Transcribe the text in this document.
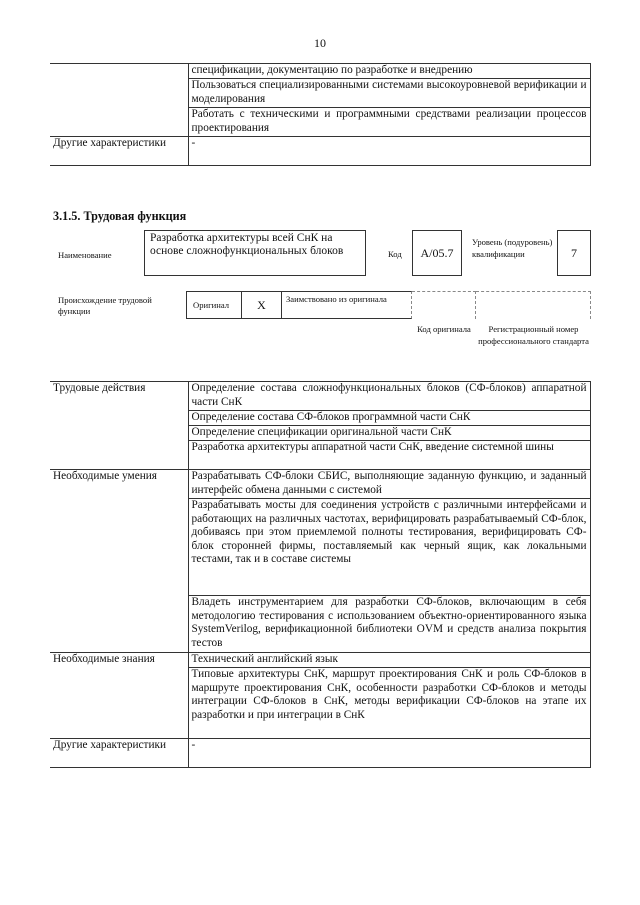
10
	спецификации, документацию по разработке и внедрению
	Пользоваться специализированными системами высокоуровневой верификации и моделирования
	Работать с техническими и программными средствами реализации процессов проектирования
Другие характеристики	-
3.1.5. Трудовая функция
Наименование
Разработка архитектуры всей СнК на основе сложнофункциональных блоков	Код	A/05.7
Уровень (подуровень) квалификации	7
Происхождение трудовой функции
Оригинал	X	Заимствовано из оригинала
Код оригинала	Регистрационный номер профессионального стандарта
Трудовые действия	Определение состава сложнофункциональных блоков (СФ-блоков) аппаратной части СнК
	Определение состава СФ-блоков программной части СнК
	Определение спецификации оригинальной части СнК
	Разработка архитектуры аппаратной части СнК, введение системной шины
Необходимые умения	Разрабатывать СФ-блоки СБИС, выполняющие заданную функцию, и заданный интерфейс обмена данными с системой
	Разрабатывать мосты для соединения устройств с различными интерфейсами и работающих на различных частотах, верифицировать разрабатываемый СФ-блок, добиваясь при этом приемлемой полноты тестирования, верифицировать СФ-блок сторонней фирмы, поставляемый как черный ящик, как локальными тестами, так и в составе системы
	Владеть инструментарием для разработки СФ-блоков, включающим в себя методологию тестирования с использованием объектно-ориентированного языка SystemVerilog, верификационной библиотеки OVM и средств анализа покрытия тестов
Необходимые знания	Технический английский язык
	Типовые архитектуры СнК, маршрут проектирования СнК и роль СФ-блоков в маршруте проектирования СнК, особенности разработки СФ-блоков и методы интеграции СФ-блоков в СнК, методы верификации СФ-блоков на этапе их разработки и при интеграции в СнК
Другие характеристики	-
